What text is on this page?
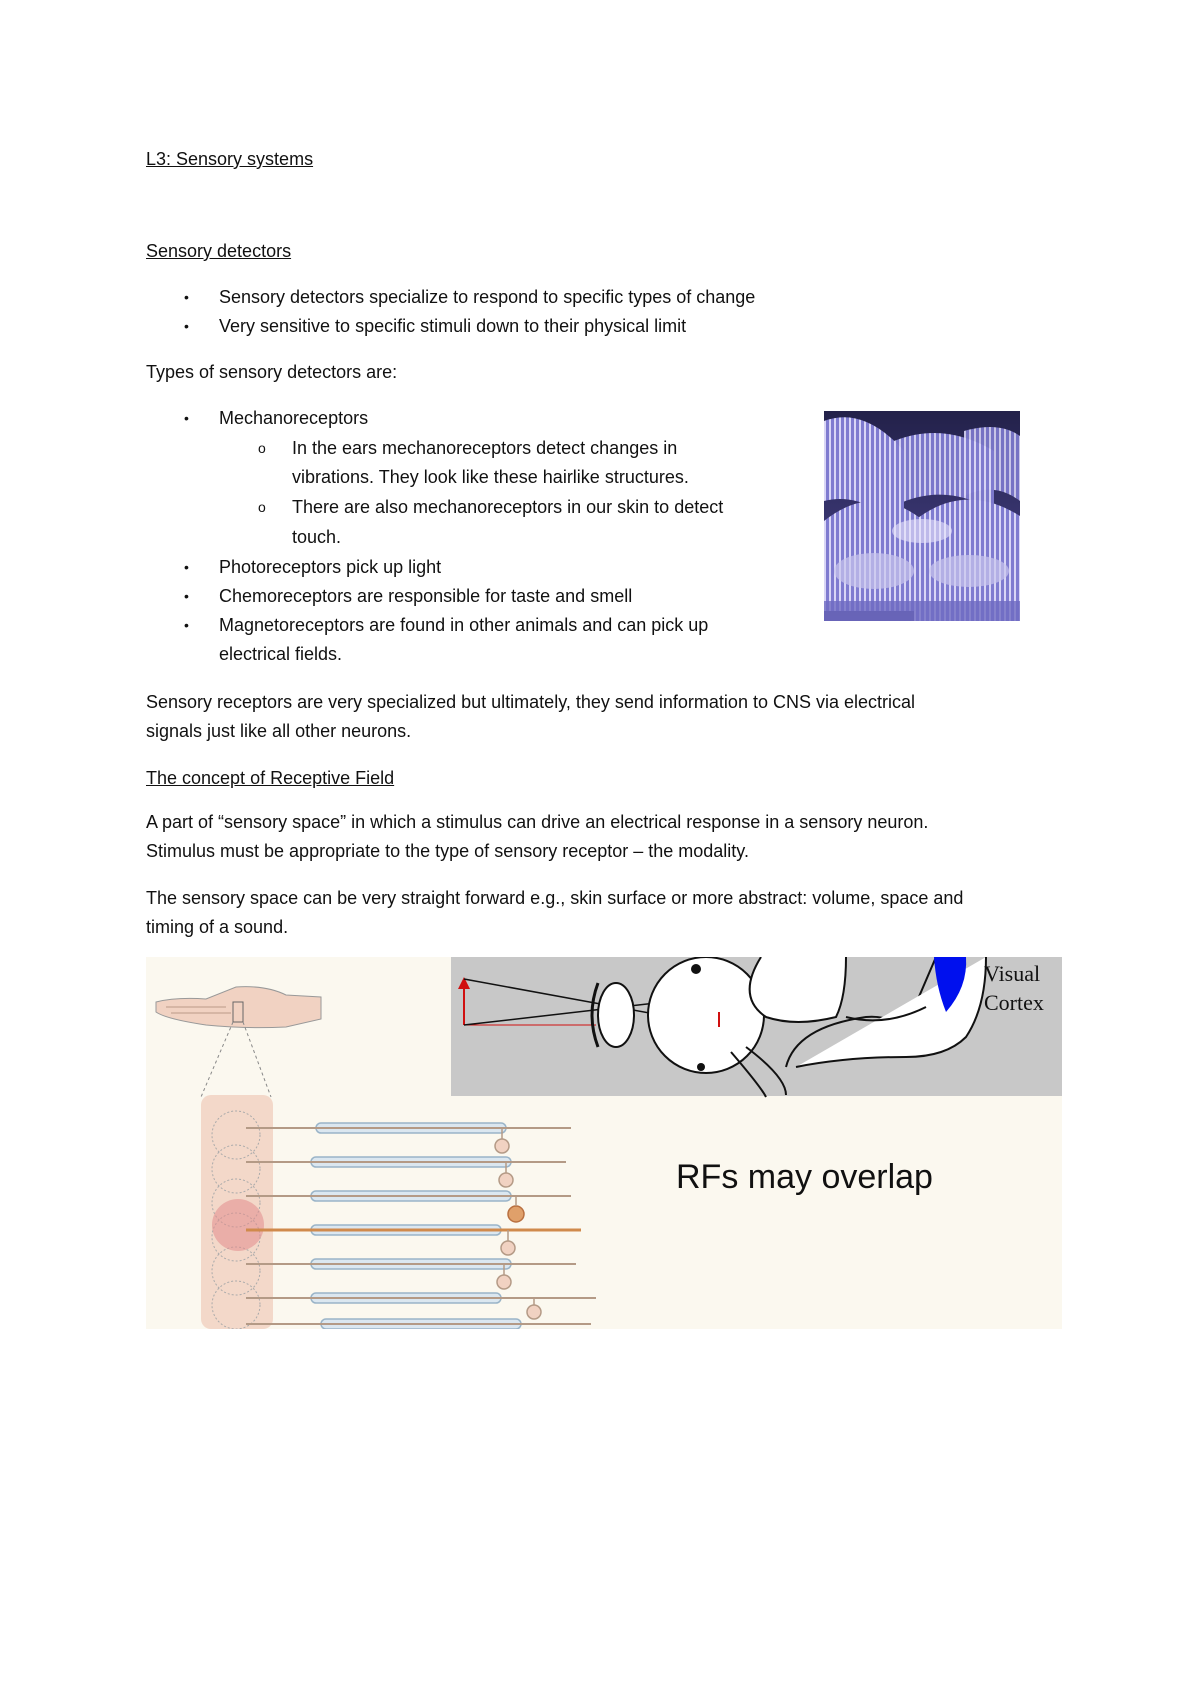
L3: Sensory systems
Sensory detectors
• Sensory detectors specialize to respond to specific types of change
• Very sensitive to specific stimuli down to their physical limit
Types of sensory detectors are:
• Mechanoreceptors
o In the ears mechanoreceptors detect changes in
vibrations. They look like these hairlike structures.
o There are also mechanoreceptors in our skin to detect
touch.
• Photoreceptors pick up light
• Chemoreceptors are responsible for taste and smell
• Magnetoreceptors are found in other animals and can pick up
electrical fields.
Sensory receptors are very specialized but ultimately, they send information to CNS via electrical
signals just like all other neurons.
The concept of Receptive Field
A part of “sensory space” in which a stimulus can drive an electrical response in a sensory neuron.
Stimulus must be appropriate to the type of sensory receptor – the modality.
The sensory space can be very straight forward e.g., skin surface or more abstract: volume, space and
timing of a sound.
Visual
Cortex
RFs may overlap
